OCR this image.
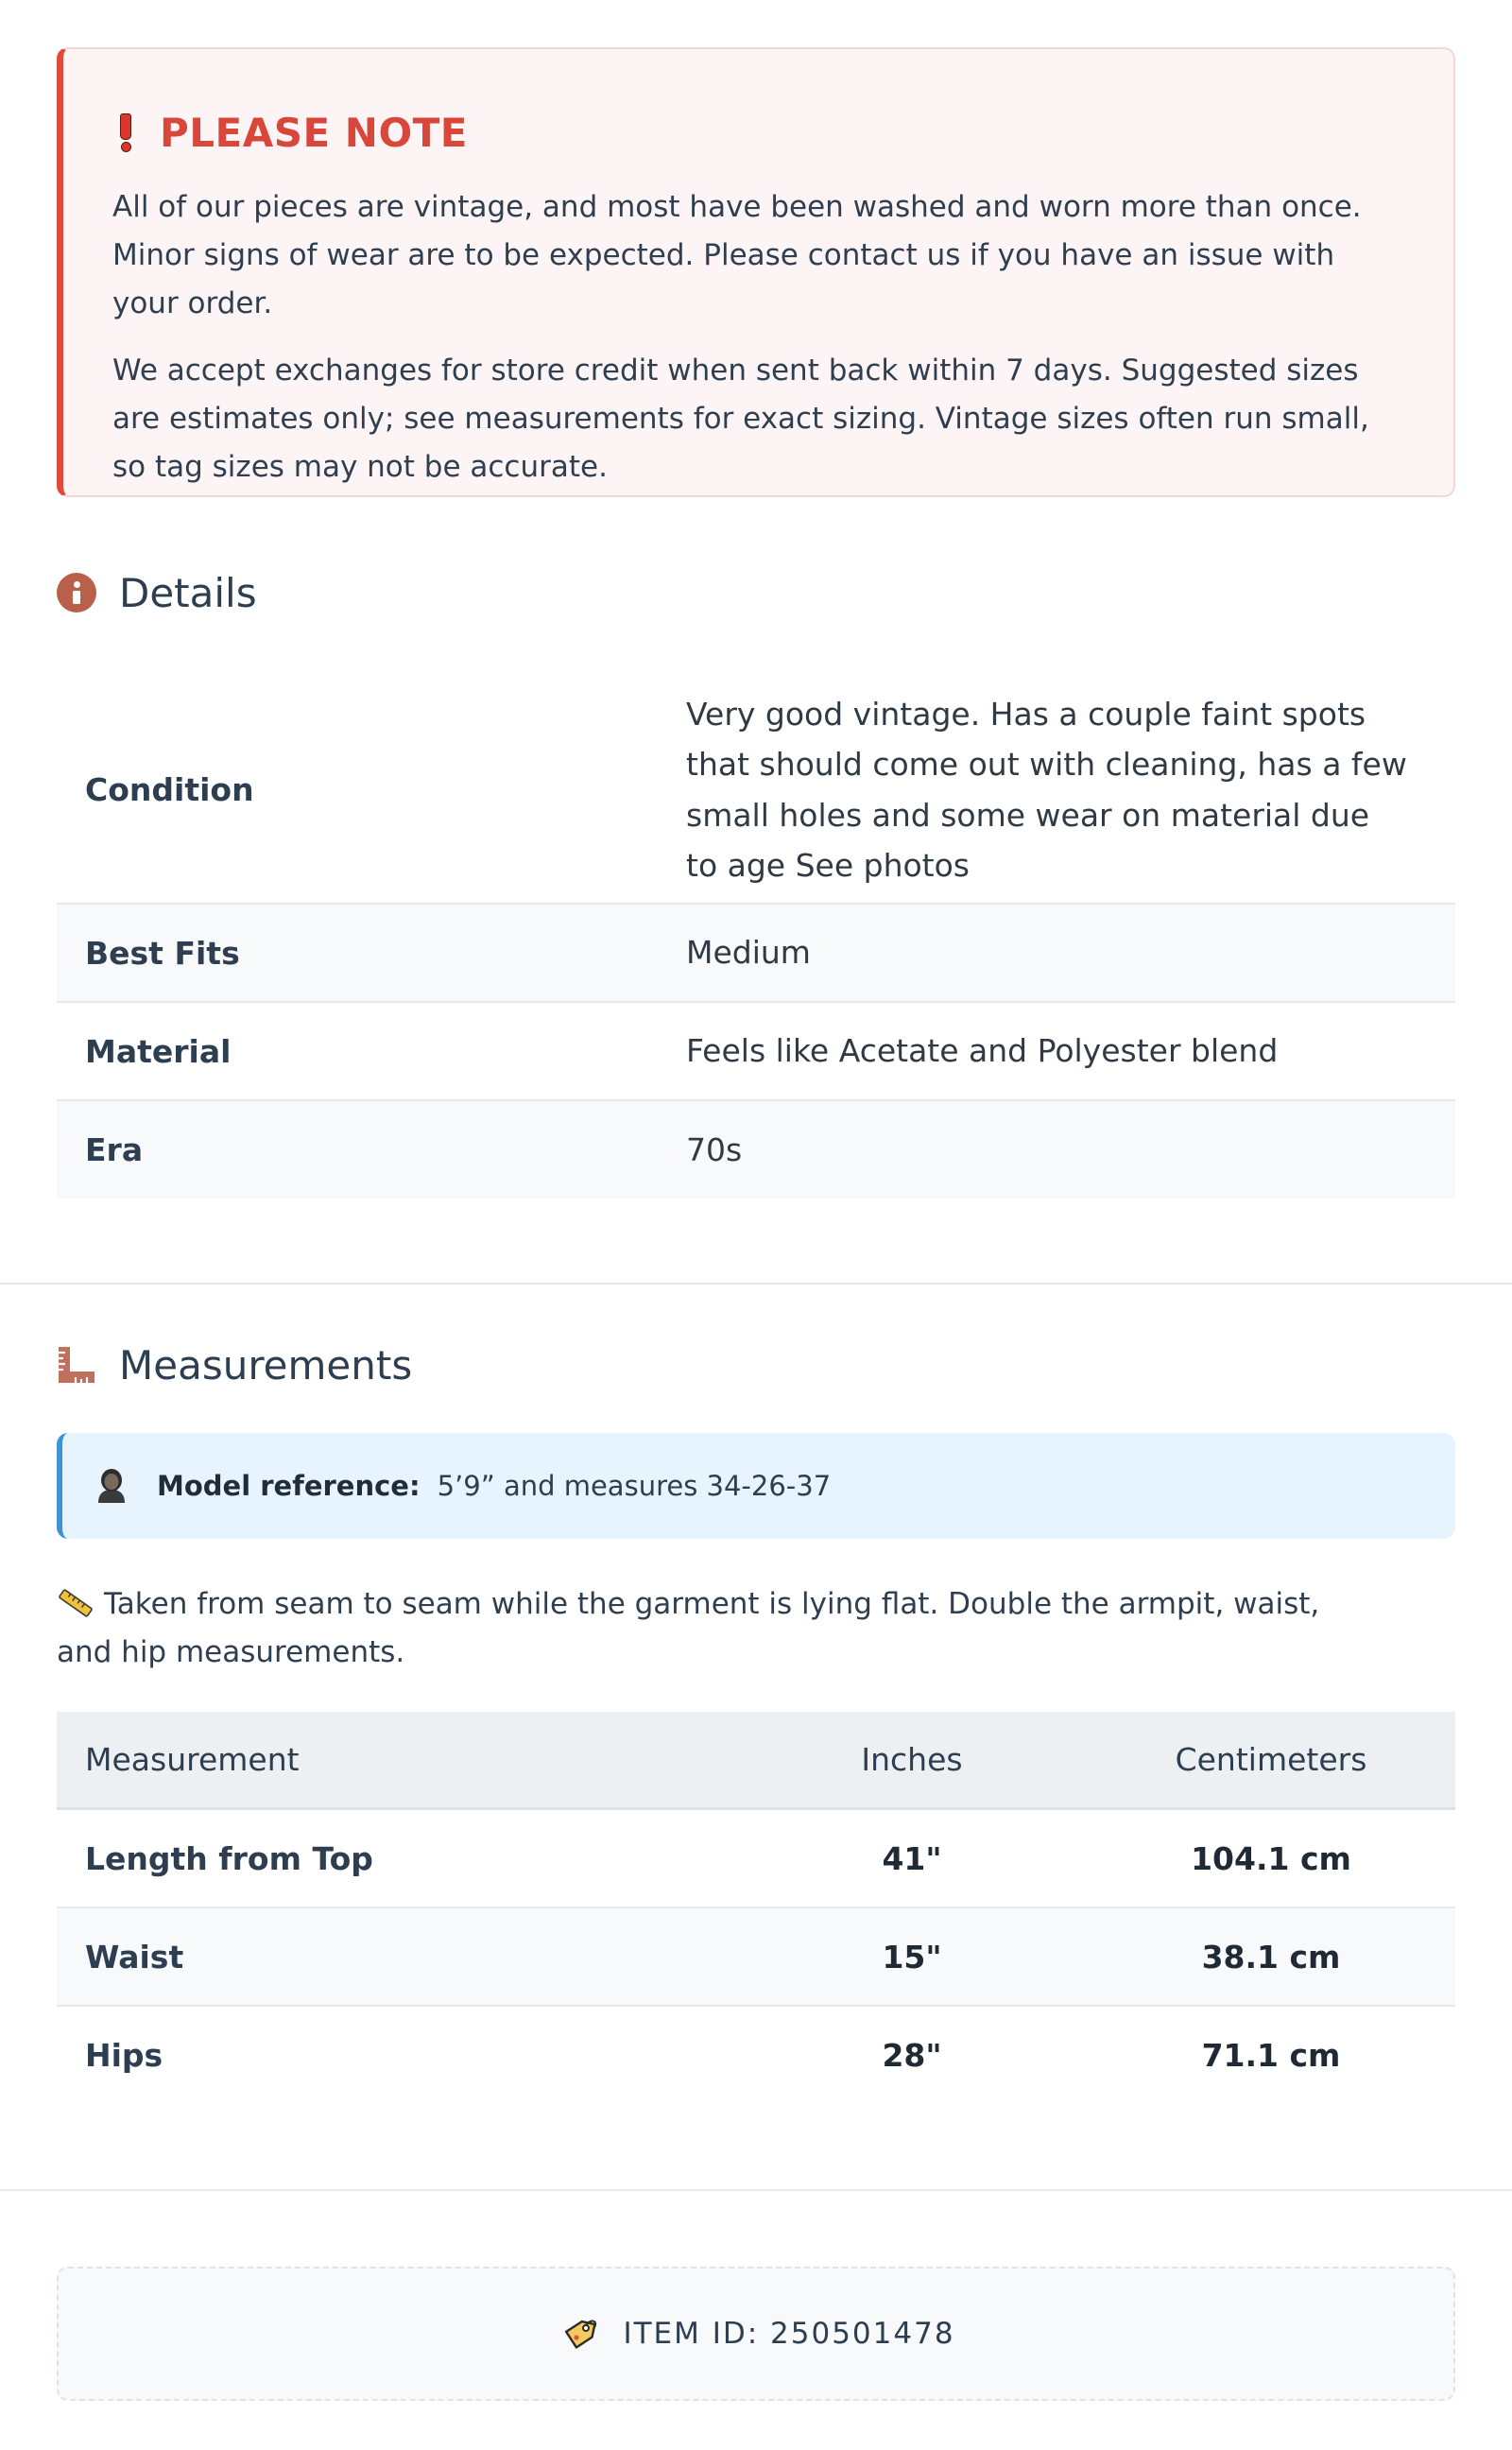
PLEASE NOTE

All of our pieces are vintage, and most have been washed and worn more than once. Minor signs of wear are to be expected. Please contact us if you have an issue with your order.

We accept exchanges for store credit when sent back within 7 days. Suggested sizes are estimates only; see measurements for exact sizing. Vintage sizes often run small, so tag sizes may not be accurate.

Details
Condition	Very good vintage. Has a couple faint spots that should come out with cleaning, has a few small holes and some wear on material due to age See photos
Best Fits	Medium
Material	Feels like Acetate and Polyester blend
Era	70s
Measurements
Model reference: 5’9” and measures 34-26-37
Taken from seam to seam while the garment is lying flat. Double the armpit, waist, and hip measurements.
Measurement	Inches	Centimeters
Length from Top	41"	104.1 cm
Waist	15"	38.1 cm
Hips	28"	71.1 cm
ITEM ID: 250501478
